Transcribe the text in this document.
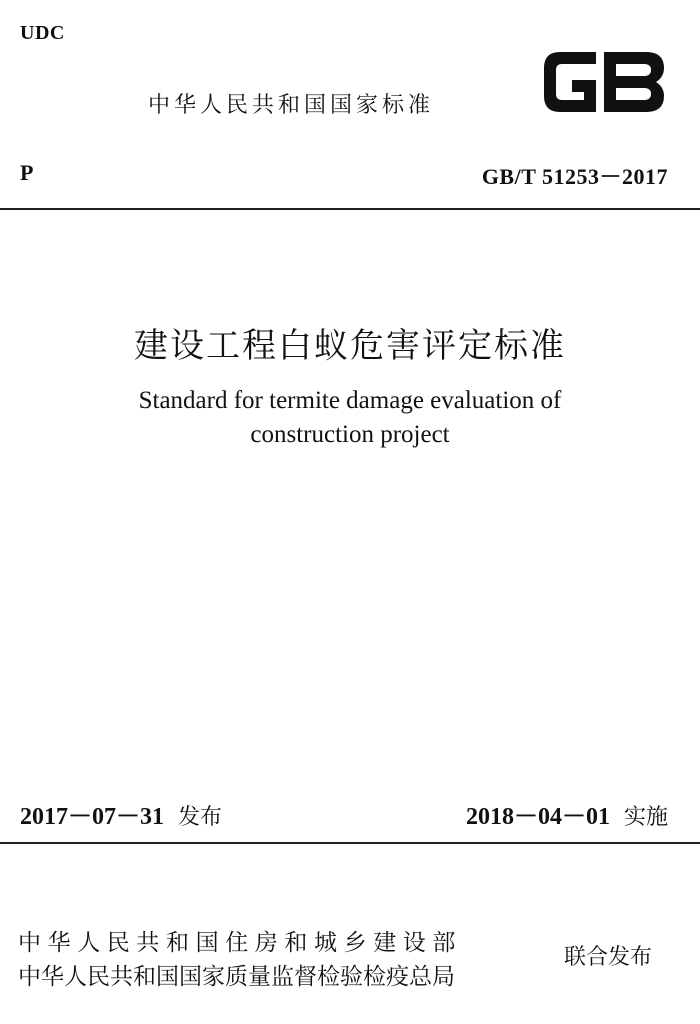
UDC
中华人民共和国国家标准
P	GB/T 51253－2017
建设工程白蚁危害评定标准
Standard for termite damage evaluation of
construction project
2017－07－31 发布	2018－04－01 实施
中华人民共和国住房和城乡建设部
中华人民共和国国家质量监督检验检疫总局
联合发布
